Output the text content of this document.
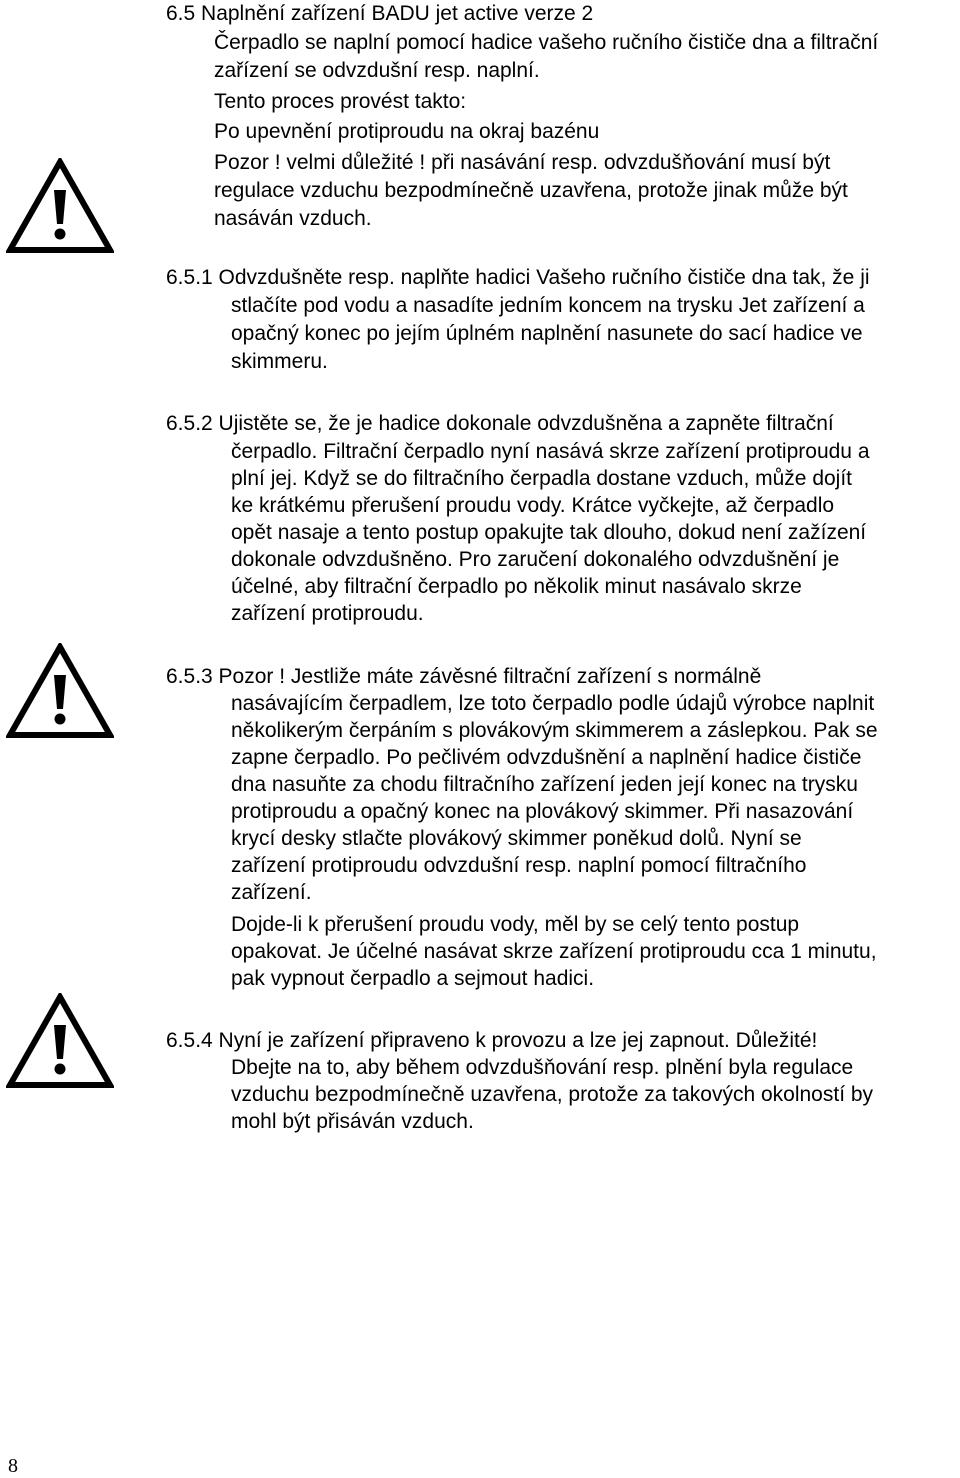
6.5 Naplnění zařízení BADU jet active verze 2
Čerpadlo se naplní pomocí hadice vašeho ručního čističe dna a filtrační
zařízení se odvzdušní resp. naplní.
Tento proces provést takto:
Po upevnění protiproudu na okraj bazénu
Pozor ! velmi důležité ! při nasávání resp. odvzdušňování musí být
regulace vzduchu bezpodmínečně uzavřena, protože jinak může být
nasáván vzduch.
6.5.1 Odvzdušněte resp. naplňte hadici Vašeho ručního čističe dna tak, že ji
stlačíte pod vodu a nasadíte jedním koncem na trysku Jet zařízení a
opačný konec po jejím úplném naplnění nasunete do sací hadice ve
skimmeru.
6.5.2 Ujistěte se, že je hadice dokonale odvzdušněna a zapněte filtrační
čerpadlo. Filtrační čerpadlo nyní nasává skrze zařízení protiproudu a
plní jej. Když se do filtračního čerpadla dostane vzduch, může dojít
ke krátkému přerušení proudu vody. Krátce vyčkejte, až čerpadlo
opět nasaje a tento postup opakujte tak dlouho, dokud není zažízení
dokonale odvzdušněno. Pro zaručení dokonalého odvzdušnění je
účelné, aby filtrační čerpadlo po několik minut nasávalo skrze
zařízení protiproudu.
6.5.3 Pozor ! Jestliže máte závěsné filtrační zařízení s normálně
nasávajícím čerpadlem, lze toto čerpadlo podle údajů výrobce naplnit
několikerým čerpáním s plovákovým skimmerem a záslepkou. Pak se
zapne čerpadlo. Po pečlivém odvzdušnění a naplnění hadice čističe
dna nasuňte za chodu filtračního zařízení jeden její konec na trysku
protiproudu a opačný konec na plovákový skimmer. Při nasazování
krycí desky stlačte plovákový skimmer poněkud dolů. Nyní se
zařízení protiproudu odvzdušní resp. naplní pomocí filtračního
zařízení.
Dojde-li k přerušení proudu vody, měl by se celý tento postup
opakovat. Je účelné nasávat skrze zařízení protiproudu cca 1 minutu,
pak vypnout čerpadlo a sejmout hadici.
6.5.4 Nyní je zařízení připraveno k provozu a lze jej zapnout. Důležité!
Dbejte na to, aby během odvzdušňování resp. plnění byla regulace
vzduchu bezpodmínečně uzavřena, protože za takových okolností by
mohl být přisáván vzduch.
8
